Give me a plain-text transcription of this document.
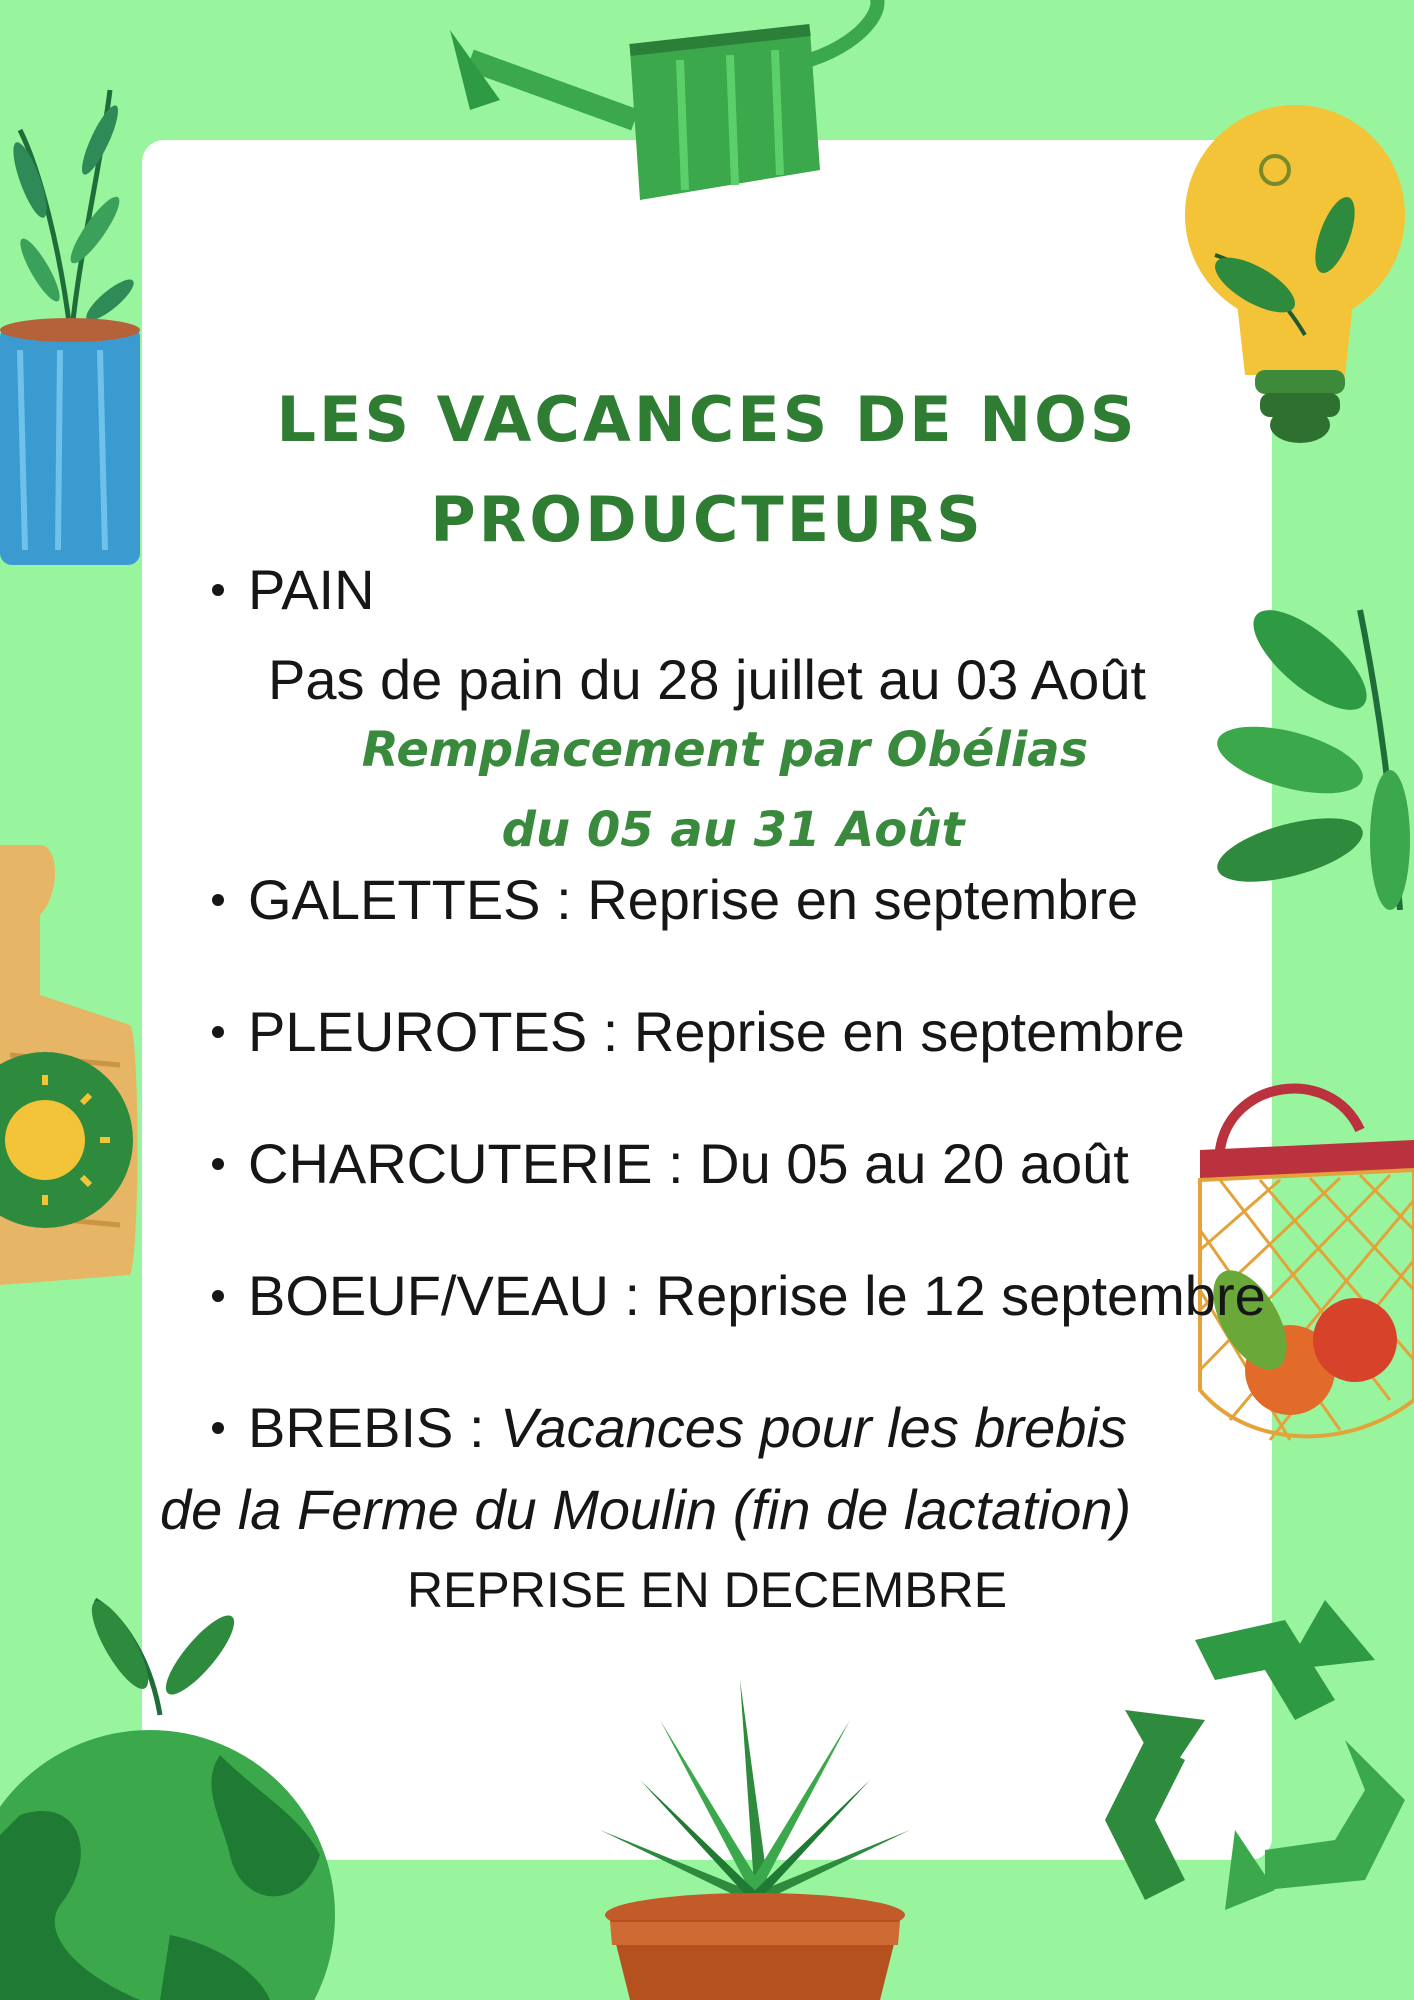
LES VACANCES DE NOS
PRODUCTEURS
PAIN
Pas de pain du 28 juillet au 03 Août
Remplacement par Obélias
du 05 au 31 Août
GALETTES : Reprise en septembre
PLEUROTES : Reprise en septembre
CHARCUTERIE : Du 05 au 20 août
BOEUF/VEAU : Reprise le 12 septembre
BREBIS : Vacances pour les brebis
de la Ferme du Moulin (fin de lactation)
REPRISE EN DECEMBRE
